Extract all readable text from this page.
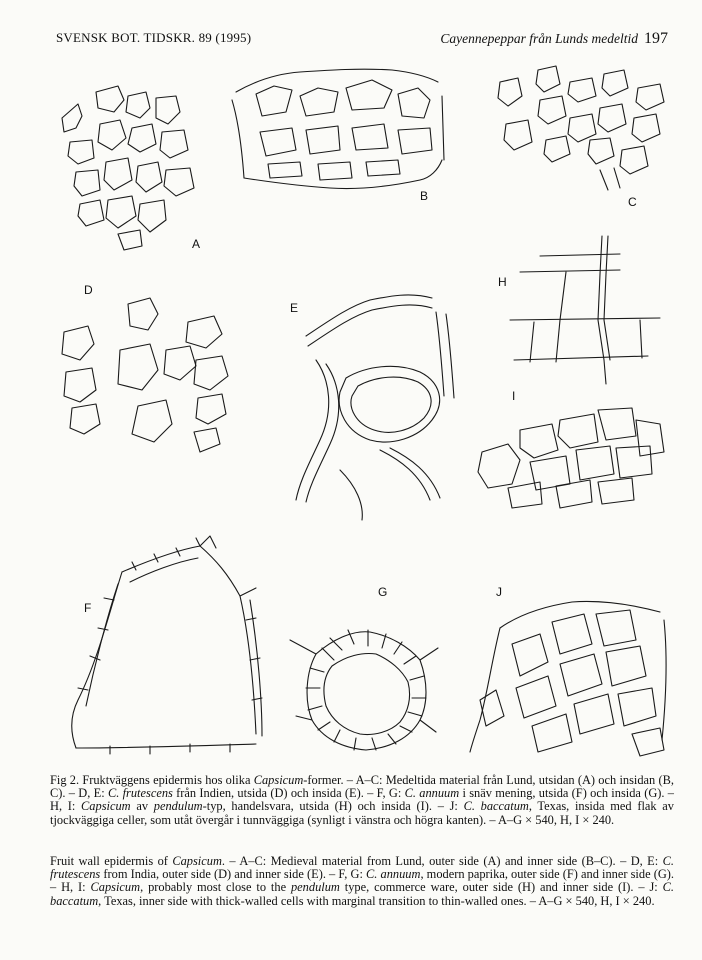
SVENSK BOT. TIDSKR. 89 (1995)	Cayennepeppar från Lunds medeltid 197
A
B	C
D
E
H
I
F
G	J
Fig 2. Fruktväggens epidermis hos olika Capsicum-former. – A–C: Medeltida material från Lund, utsidan (A) och insidan (B, C). – D, E: C. frutescens från Indien, utsida (D) och insida (E). – F, G: C. annuum i snäv mening, utsida (F) och insida (G). – H, I: Capsicum av pendulum-typ, handelsvara, utsida (H) och insida (I). – J: C. baccatum, Texas, insida med flak av tjockväggiga celler, som utåt övergår i tunnväggiga (synligt i vänstra och högra kanten). – A–G × 540, H, I × 240.
Fruit wall epidermis of Capsicum. – A–C: Medieval material from Lund, outer side (A) and inner side (B–C). – D, E: C. frutescens from India, outer side (D) and inner side (E). – F, G: C. annuum, modern paprika, outer side (F) and inner side (G). – H, I: Capsicum, probably most close to the pendulum type, commerce ware, outer side (H) and inner side (I). – J: C. baccatum, Texas, inner side with thick-walled cells with marginal transition to thin-walled ones. – A–G × 540, H, I × 240.
